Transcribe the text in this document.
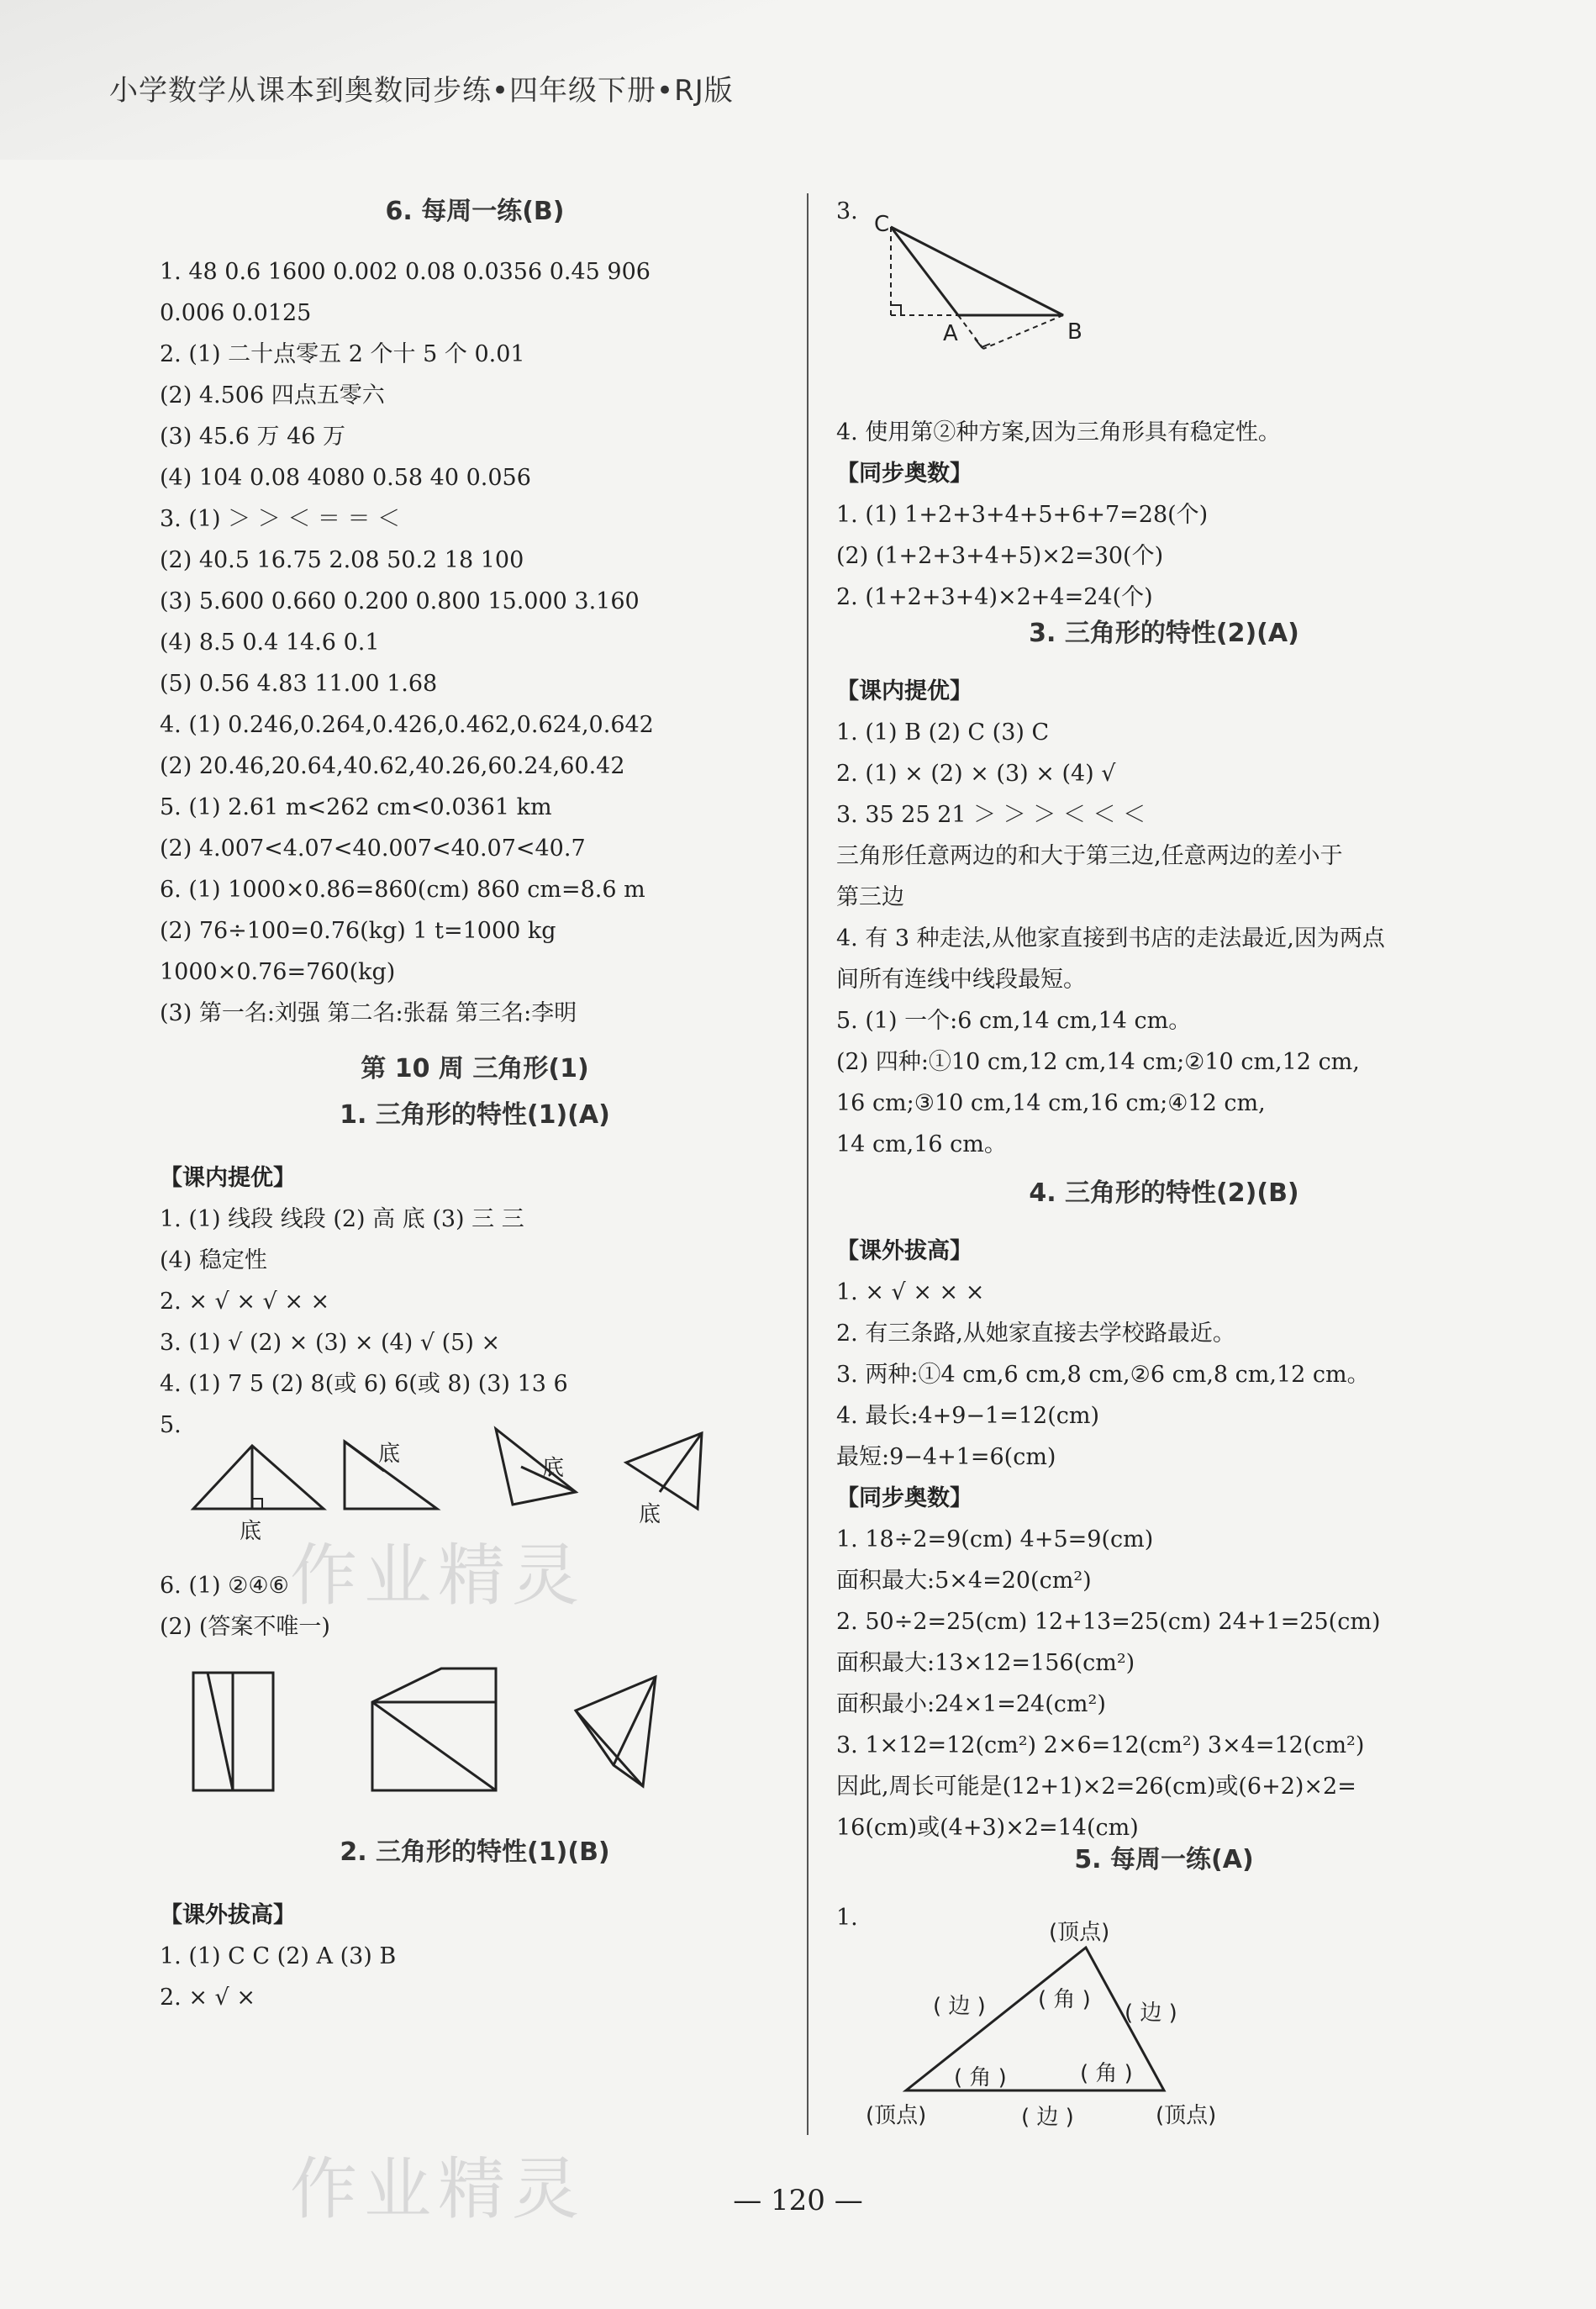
小学数学从课本到奥数同步练•四年级下册•RJ版
6. 每周一练(B)
1. 48 0.6 1600 0.002 0.08 0.0356 0.45 906
0.006 0.0125
2. (1) 二十点零五 2 个十 5 个 0.01
(2) 4.506 四点五零六
(3) 45.6 万 46 万
(4) 104 0.08 4080 0.58 40 0.056
3. (1) ＞ ＞ ＜ ＝ ＝ ＜
(2) 40.5 16.75 2.08 50.2 18 100
(3) 5.600 0.660 0.200 0.800 15.000 3.160
(4) 8.5 0.4 14.6 0.1
(5) 0.56 4.83 11.00 1.68
4. (1) 0.246,0.264,0.426,0.462,0.624,0.642
(2) 20.46,20.64,40.62,40.26,60.24,60.42
5. (1) 2.61 m<262 cm<0.0361 km
(2) 4.007<4.07<40.007<40.07<40.7
6. (1) 1000×0.86=860(cm) 860 cm=8.6 m
(2) 76÷100=0.76(kg) 1 t=1000 kg
1000×0.76=760(kg)
(3) 第一名:刘强 第二名:张磊 第三名:李明
第 10 周 三角形(1)
1. 三角形的特性(1)(A)
【课内提优】
1. (1) 线段 线段 (2) 高 底 (3) 三 三
(4) 稳定性
2. × √ × √ × ×
3. (1) √ (2) × (3) × (4) √ (5) ×
4. (1) 7 5 (2) 8(或 6) 6(或 8) (3) 13 6
5.
6. (1) ②④⑥
(2) (答案不唯一)
2. 三角形的特性(1)(B)
【课外拔高】
1. (1) C C (2) A (3) B
2. × √ ×
3.
4. 使用第②种方案,因为三角形具有稳定性。
【同步奥数】
1. (1) 1+2+3+4+5+6+7=28(个)
(2) (1+2+3+4+5)×2=30(个)
2. (1+2+3+4)×2+4=24(个)
3. 三角形的特性(2)(A)
【课内提优】
1. (1) B (2) C (3) C
2. (1) × (2) × (3) × (4) √
3. 35 25 21 ＞ ＞ ＞ ＜ ＜ ＜
三角形任意两边的和大于第三边,任意两边的差小于
第三边
4. 有 3 种走法,从他家直接到书店的走法最近,因为两点
间所有连线中线段最短。
5. (1) 一个:6 cm,14 cm,14 cm。
(2) 四种:①10 cm,12 cm,14 cm;②10 cm,12 cm,
16 cm;③10 cm,14 cm,16 cm;④12 cm,
14 cm,16 cm。
4. 三角形的特性(2)(B)
【课外拔高】
1. × √ × × ×
2. 有三条路,从她家直接去学校路最近。
3. 两种:①4 cm,6 cm,8 cm,②6 cm,8 cm,12 cm。
4. 最长:4+9−1=12(cm)
最短:9−4+1=6(cm)
【同步奥数】
1. 18÷2=9(cm) 4+5=9(cm)
面积最大:5×4=20(cm²)
2. 50÷2=25(cm) 12+13=25(cm) 24+1=25(cm)
面积最大:13×12=156(cm²)
面积最小:24×1=24(cm²)
3. 1×12=12(cm²) 2×6=12(cm²) 3×4=12(cm²)
因此,周长可能是(12+1)×2=26(cm)或(6+2)×2=
16(cm)或(4+3)×2=14(cm)
5. 每周一练(A)
1.
底
底
底
底
作业精灵
作业精灵
C
A	B
(顶点)
( 边 ) ( 角 )
( 边 )
( 角 )	( 角 )
(顶点)	( 边 )	(顶点)
— 120 —
